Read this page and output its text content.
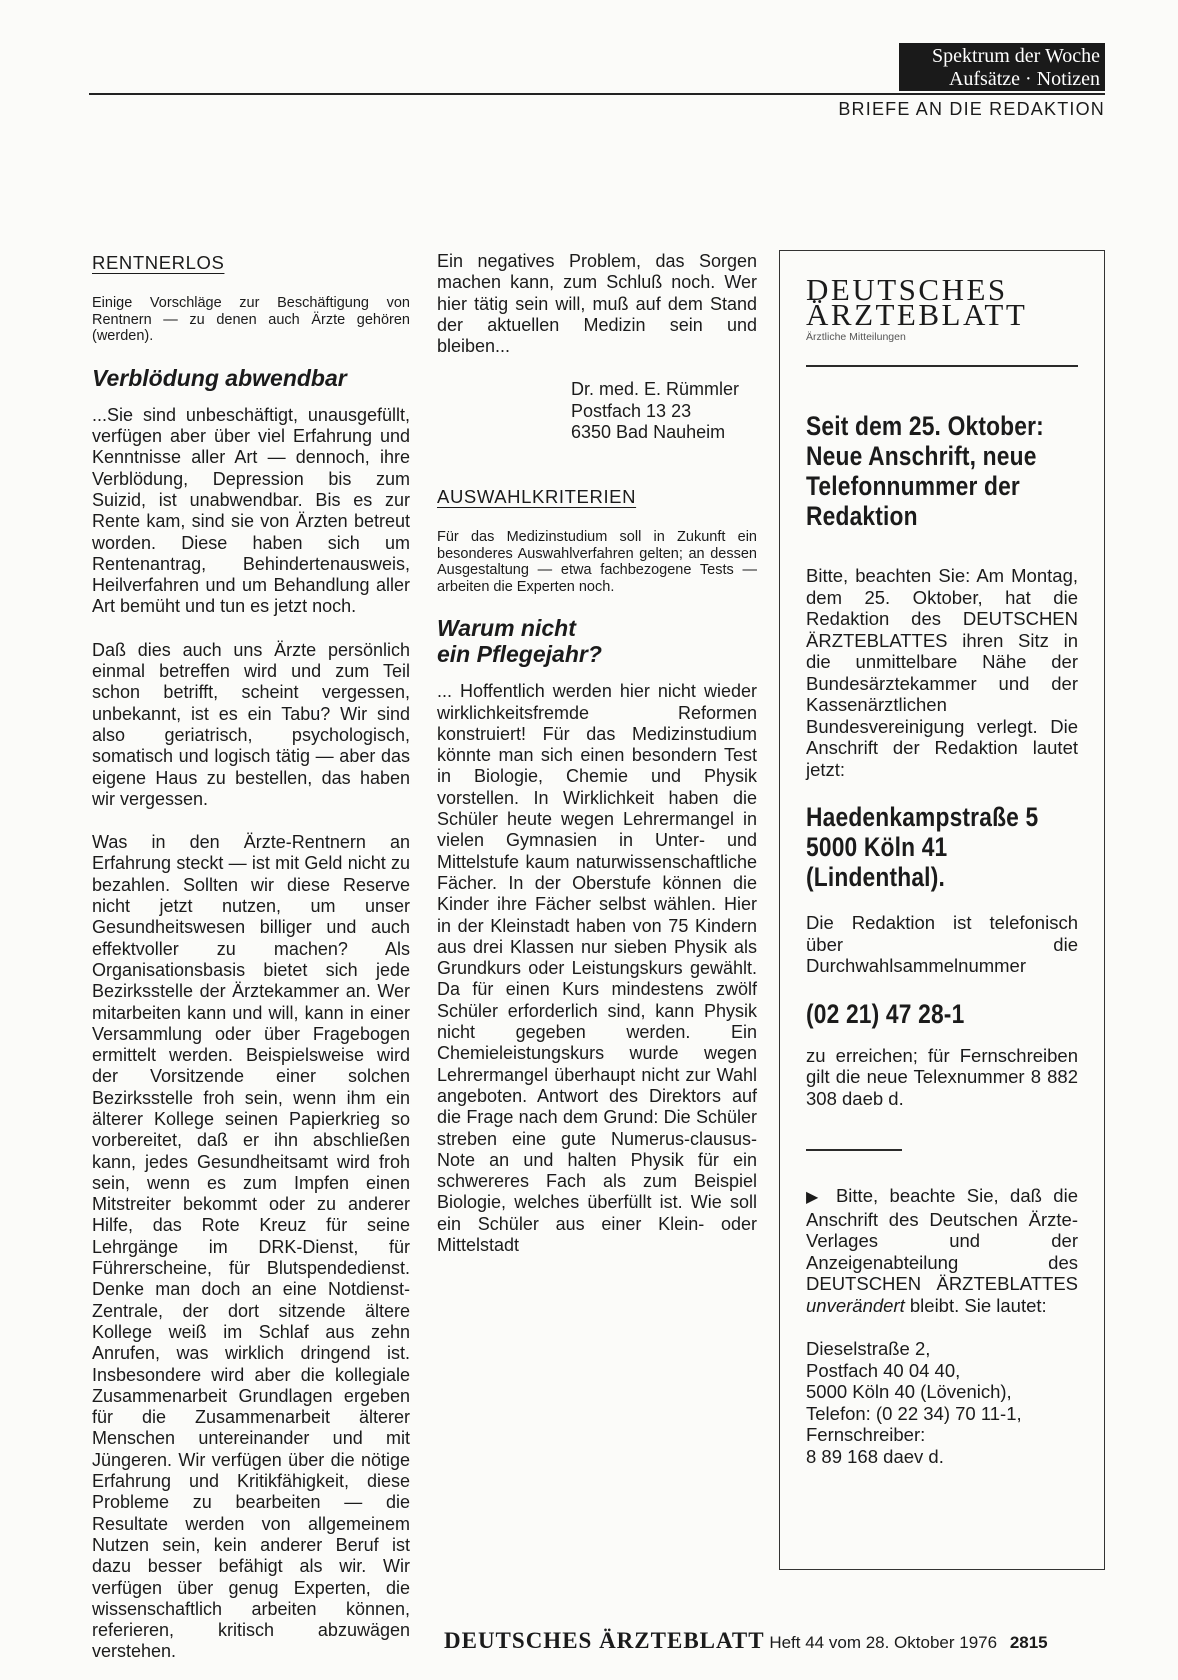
Spektrum der Woche
Aufsätze · Notizen
BRIEFE AN DIE REDAKTION
RENTNERLOS

Einige Vorschläge zur Beschäftigung von Rentnern — zu denen auch Ärzte gehören (werden).

Verblödung abwendbar

...Sie sind unbeschäftigt, unausgefüllt, verfügen aber über viel Erfahrung und Kenntnisse aller Art — dennoch, ihre Verblödung, Depression bis zum Suizid, ist unabwendbar. Bis es zur Rente kam, sind sie von Ärzten betreut worden. Diese haben sich um Rentenantrag, Behindertenausweis, Heilverfahren und um Behandlung aller Art bemüht und tun es jetzt noch.

Daß dies auch uns Ärzte persönlich einmal betreffen wird und zum Teil schon betrifft, scheint vergessen, unbekannt, ist es ein Tabu? Wir sind also geriatrisch, psychologisch, somatisch und logisch tätig — aber das eigene Haus zu bestellen, das haben wir vergessen.

Was in den Ärzte-Rentnern an Erfahrung steckt — ist mit Geld nicht zu bezahlen. Sollten wir diese Reserve nicht jetzt nutzen, um unser Gesundheitswesen billiger und auch effektvoller zu machen? Als Organisationsbasis bietet sich jede Bezirksstelle der Ärztekammer an. Wer mitarbeiten kann und will, kann in einer Versammlung oder über Fragebogen ermittelt werden. Beispielsweise wird der Vorsitzende einer solchen Bezirksstelle froh sein, wenn ihm ein älterer Kollege seinen Papierkrieg so vorbereitet, daß er ihn abschließen kann, jedes Gesundheitsamt wird froh sein, wenn es zum Impfen einen Mitstreiter bekommt oder zu anderer Hilfe, das Rote Kreuz für seine Lehrgänge im DRK-Dienst, für Führerscheine, für Blutspendedienst. Denke man doch an eine Notdienst-Zentrale, der dort sitzende ältere Kollege weiß im Schlaf aus zehn Anrufen, was wirklich dringend ist. Insbesondere wird aber die kollegiale Zusammenarbeit Grundlagen ergeben für die Zusammenarbeit älterer Menschen untereinander und mit Jüngeren. Wir verfügen über die nötige Erfahrung und Kritikfähigkeit, diese Probleme zu bearbeiten — die Resultate werden von allgemeinem Nutzen sein, kein anderer Beruf ist dazu besser befähigt als wir. Wir verfügen über genug Experten, die wissenschaftlich arbeiten können, referieren, kritisch abzuwägen verstehen.

Ein negatives Problem, das Sorgen machen kann, zum Schluß noch. Wer hier tätig sein will, muß auf dem Stand der aktuellen Medizin sein und bleiben...

Dr. med. E. Rümmler
Postfach 13 23
6350 Bad Nauheim
AUSWAHLKRITERIEN

Für das Medizinstudium soll in Zukunft ein besonderes Auswahlverfahren gelten; an dessen Ausgestaltung — etwa fachbezogene Tests — arbeiten die Experten noch.

Warum nicht
ein Pflegejahr?

... Hoffentlich werden hier nicht wieder wirklichkeitsfremde Reformen konstruiert! Für das Medizinstudium könnte man sich einen besondern Test in Biologie, Chemie und Physik vorstellen. In Wirklichkeit haben die Schüler heute wegen Lehrermangel in vielen Gymnasien in Unter- und Mittelstufe kaum naturwissenschaftliche Fächer. In der Oberstufe können die Kinder ihre Fächer selbst wählen. Hier in der Kleinstadt haben von 75 Kindern aus drei Klassen nur sieben Physik als Grundkurs oder Leistungskurs gewählt. Da für einen Kurs mindestens zwölf Schüler erforderlich sind, kann Physik nicht gegeben werden. Ein Chemieleistungskurs wurde wegen Lehrermangel überhaupt nicht zur Wahl angeboten. Antwort des Direktors auf die Frage nach dem Grund: Die Schüler streben eine gute Numerus-clausus-Note an und halten Physik für ein schwereres Fach als zum Beispiel Biologie, welches überfüllt ist. Wie soll ein Schüler aus einer Klein- oder Mittelstadt

DEUTSCHES
ÄRZTEBLATT
Ärztliche Mitteilungen
Seit dem 25. Oktober: Neue Anschrift, neue Telefonnummer der Redaktion

Bitte, beachten Sie: Am Montag, dem 25. Oktober, hat die Redaktion des DEUTSCHEN ÄRZTEBLATTES ihren Sitz in die unmittelbare Nähe der Bundesärztekammer und der Kassenärztlichen Bundesvereinigung verlegt. Die Anschrift der Redaktion lautet jetzt:

Haedenkampstraße 5 5000 Köln 41 (Lindenthal).

Die Redaktion ist telefonisch über die Durchwahlsammelnummer

(02 21) 47 28-1

zu erreichen; für Fernschreiben gilt die neue Telexnummer 8 882 308 daeb d.

▶ Bitte, beachte Sie, daß die Anschrift des Deutschen Ärzte-Verlages und der Anzeigenabteilung des DEUTSCHEN ÄRZTEBLATTES unverändert bleibt. Sie lautet:

Dieselstraße 2,

Postfach 40 04 40,

5000 Köln 40 (Lövenich),

Telefon: (0 22 34) 70 11-1,

Fernschreiber:

8 89 168 daev d.

DEUTSCHES ÄRZTEBLATT Heft 44 vom 28. Oktober 1976 2815
